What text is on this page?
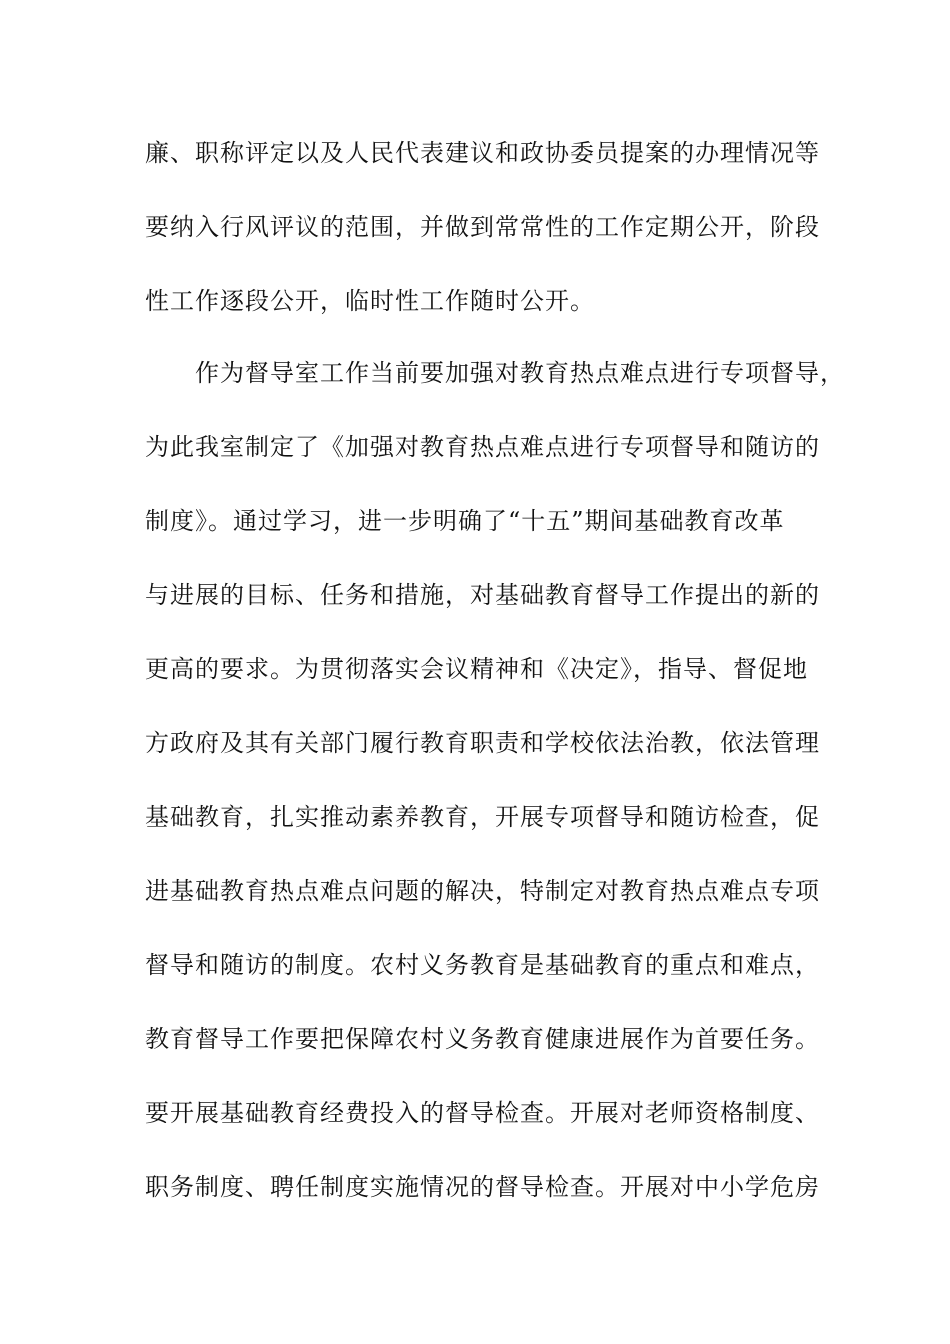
廉、职称评定以及人民代表建议和政协委员提案的办理情况等
要纳入行风评议的范围，并做到常常性的工作定期公开，阶段
性工作逐段公开，临时性工作随时公开。
　　作为督导室工作当前要加强对教育热点难点进行专项督导，
为此我室制定了《加强对教育热点难点进行专项督导和随访的
制度》。通过学习，进一步明确了“十五”期间基础教育改革
与进展的目标、任务和措施，对基础教育督导工作提出的新的
更高的要求。为贯彻落实会议精神和《决定》，指导、督促地
方政府及其有关部门履行教育职责和学校依法治教，依法管理
基础教育，扎实推动素养教育，开展专项督导和随访检查，促
进基础教育热点难点问题的解决，特制定对教育热点难点专项
督导和随访的制度。农村义务教育是基础教育的重点和难点，
教育督导工作要把保障农村义务教育健康进展作为首要任务。
要开展基础教育经费投入的督导检查。开展对老师资格制度、
职务制度、聘任制度实施情况的督导检查。开展对中小学危房
